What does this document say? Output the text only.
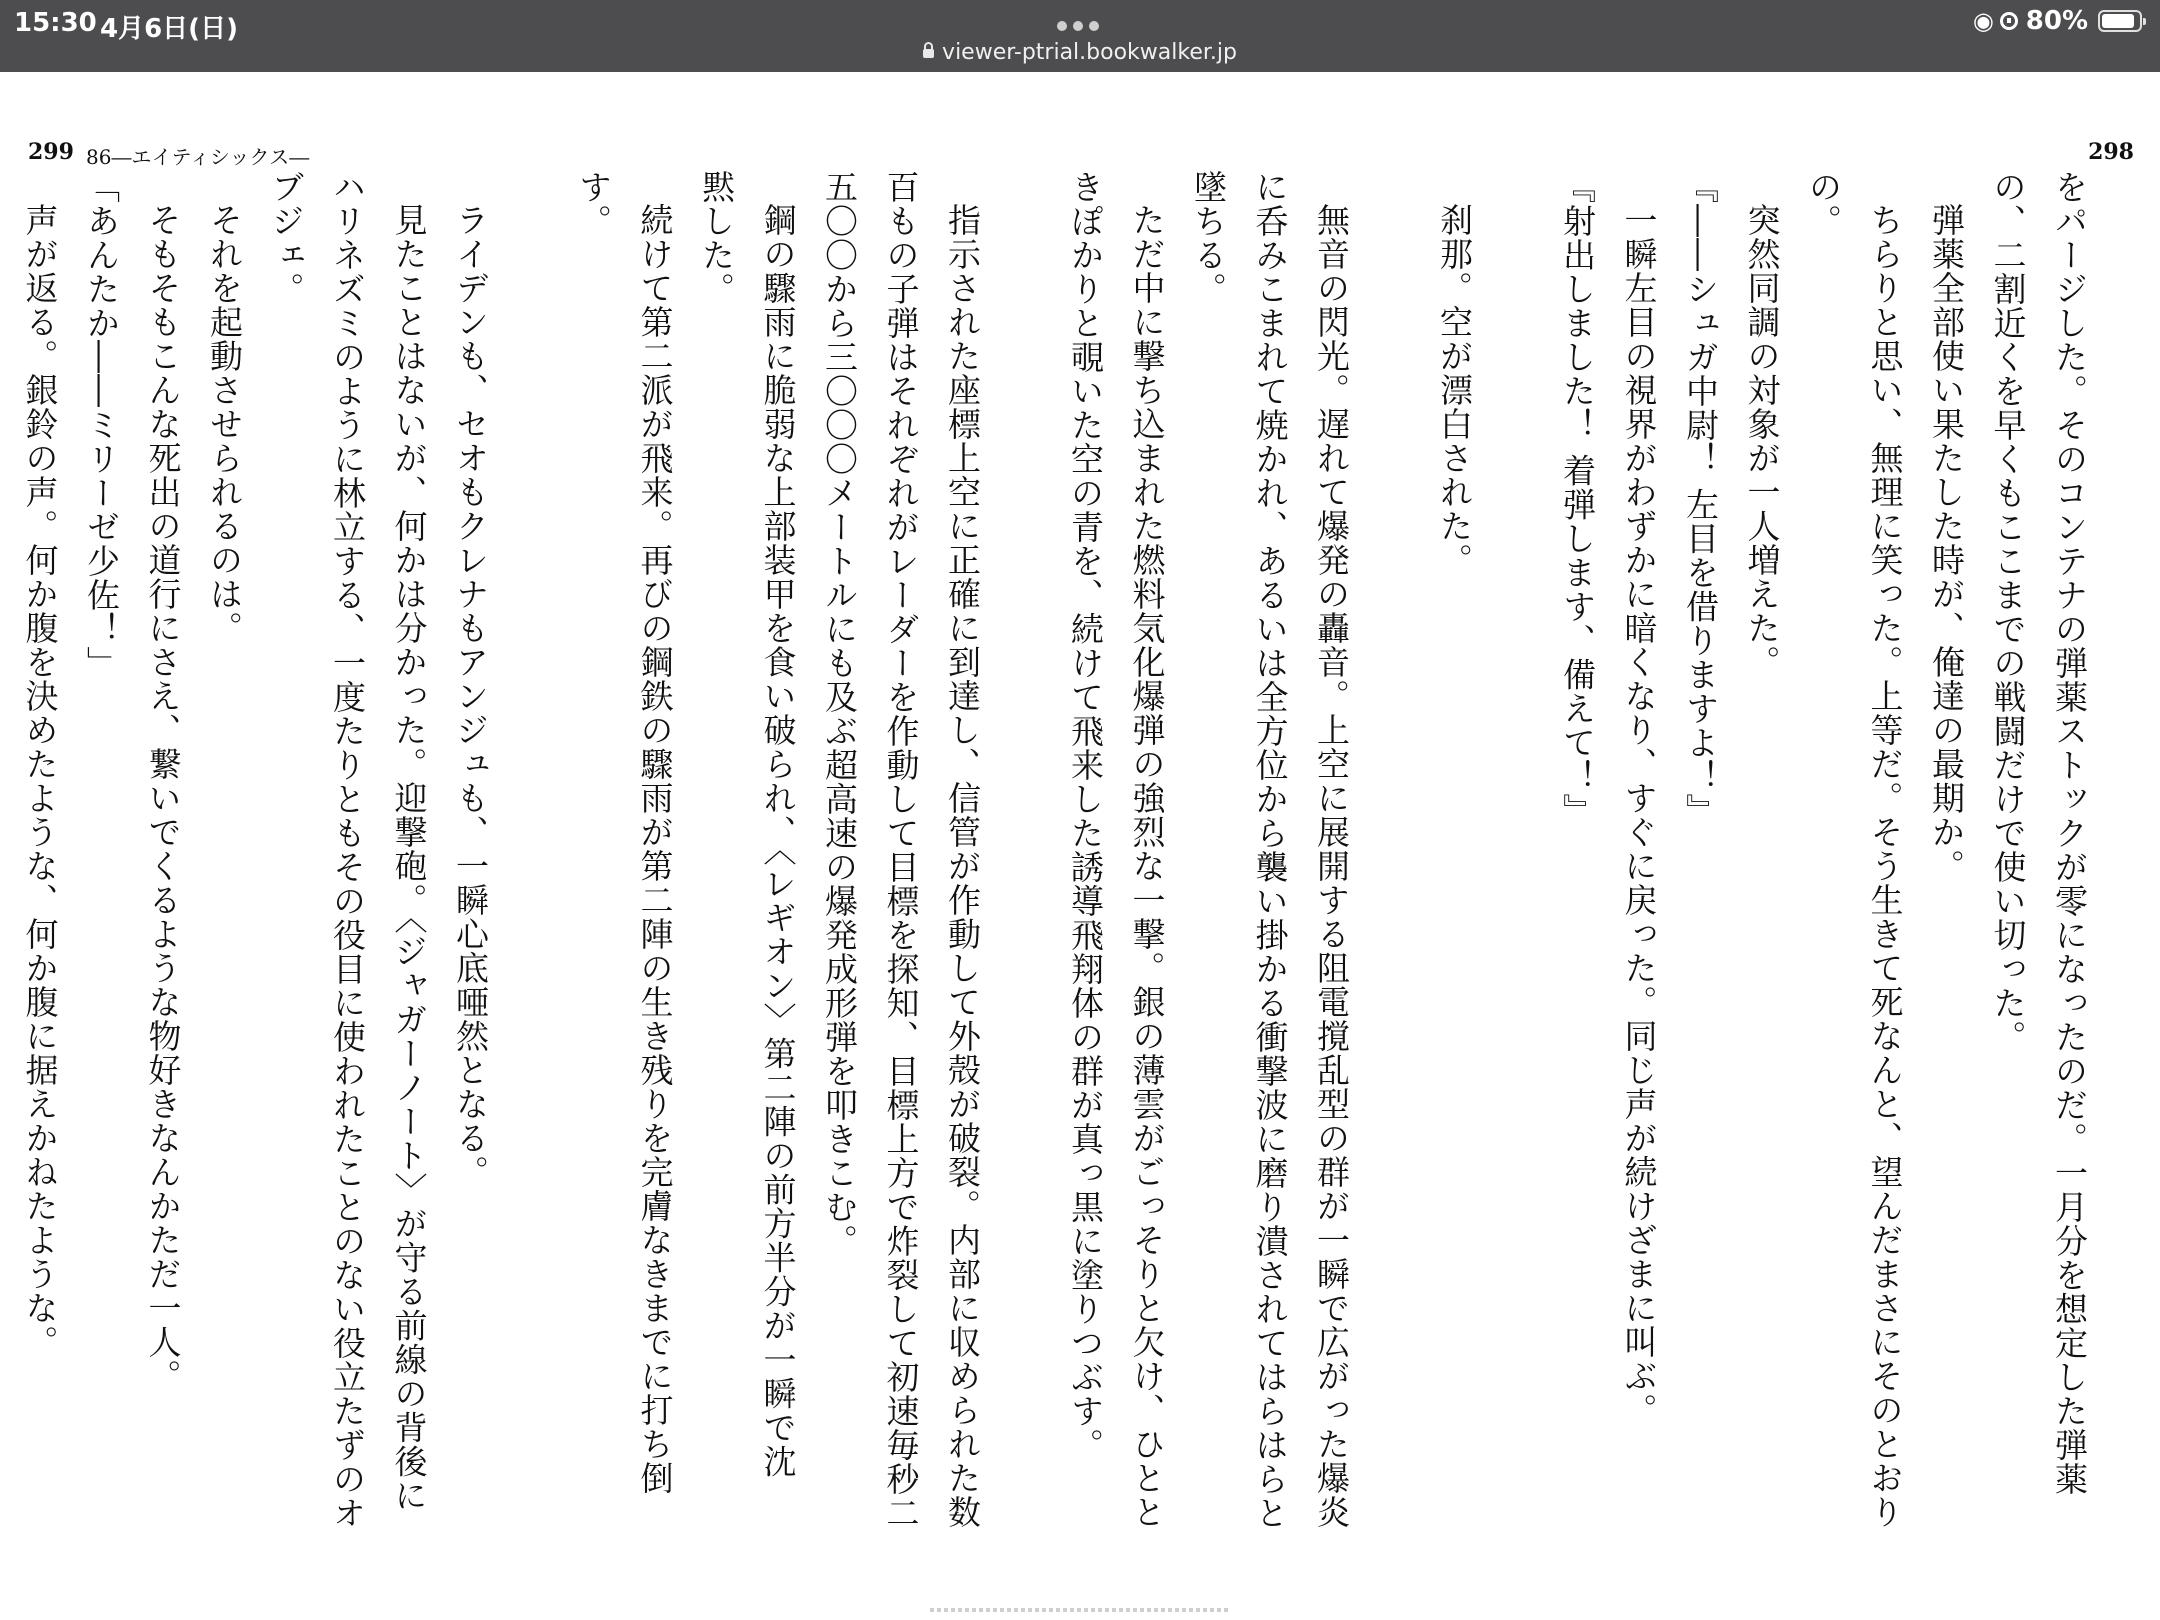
15:30 4月6日(日)
viewer-ptrial.bookwalker.jp
◉ 80%
299 86―エイティシックス―	298

をパージした。そのコンテナの弾薬ストックが零になったのだ。一月分を想定した弾薬

の、二割近くを早くもここまでの戦闘だけで使い切った。

弾薬全部使い果たした時が、俺達の最期か。

ちらりと思い、無理に笑った。上等だ。そう生きて死なんと、望んだまさにそのとおり

の。

突然同調の対象が一人増えた。

『――シュガ中尉！ 左目を借りますよ！』

一瞬左目の視界がわずかに暗くなり、すぐに戻った。同じ声が続けざまに叫ぶ。

『射出しました！ 着弾します、備えて！』

刹那。空が漂白された。

無音の閃光。遅れて爆発の轟音。上空に展開する阻電撹乱型の群が一瞬で広がった爆炎

に呑みこまれて焼かれ、あるいは全方位から襲い掛かる衝撃波に磨り潰されてはらはらと

墜ちる。

ただ中に撃ち込まれた燃料気化爆弾の強烈な一撃。銀の薄雲がごっそりと欠け、ひとと

きぽかりと覗いた空の青を、続けて飛来した誘導飛翔体の群が真っ黒に塗りつぶす。

指示された座標上空に正確に到達し、信管が作動して外殻が破裂。内部に収められた数

百もの子弾はそれぞれがレーダーを作動して目標を探知、目標上方で炸裂して初速毎秒二

五〇〇から三〇〇〇メートルにも及ぶ超高速の爆発成形弾を叩きこむ。

鋼の驟雨に脆弱な上部装甲を食い破られ、〈レギオン〉第二陣の前方半分が一瞬で沈

黙した。

続けて第二派が飛来。再びの鋼鉄の驟雨が第二陣の生き残りを完膚なきまでに打ち倒

す。

ライデンも、セオもクレナもアンジュも、一瞬心底唖然となる。

見たことはないが、何かは分かった。迎撃砲。〈ジャガーノート〉が守る前線の背後に

ハリネズミのように林立する、一度たりともその役目に使われたことのない役立たずのオ

ブジェ。

それを起動させられるのは。

そもそもこんな死出の道行にさえ、繋いでくるような物好きなんかただ一人。

「あんたか――ミリーゼ少佐！」

声が返る。銀鈴の声。何か腹を決めたような、何か腹に据えかねたような。
